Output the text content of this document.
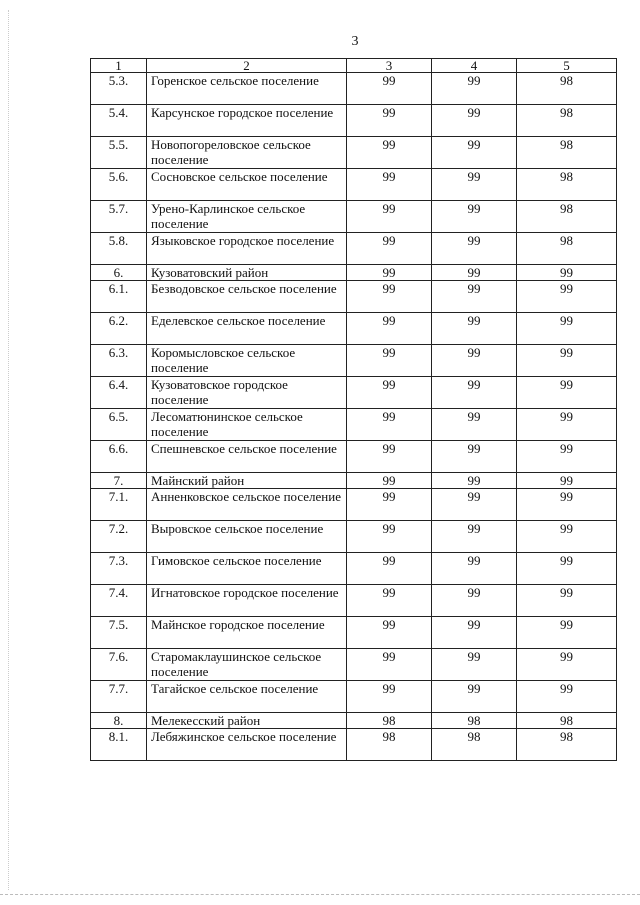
3
1	2	3	4	5
5.3.	Горенское сельское поселение	99	99	98
5.4.	Карсунское городское поселение	99	99	98
5.5.	Новопогореловское сельское поселение	99	99	98
5.6.	Сосновское сельское поселение	99	99	98
5.7.	Урено-Карлинское сельское поселение	99	99	98
5.8.	Языковское городское поселение	99	99	98
6.	Кузоватовский район	99	99	99
6.1.	Безводовское сельское поселение	99	99	99
6.2.	Еделевское сельское поселение	99	99	99
6.3.	Коромысловское сельское поселение	99	99	99
6.4.	Кузоватовское городское поселение	99	99	99
6.5.	Лесоматюнинское сельское поселение	99	99	99
6.6.	Спешневское сельское поселение	99	99	99
7.	Майнский район	99	99	99
7.1.	Анненковское сельское поселение	99	99	99
7.2.	Выровское сельское поселение	99	99	99
7.3.	Гимовское сельское поселение	99	99	99
7.4.	Игнатовское городское поселение	99	99	99
7.5.	Майнское городское поселение	99	99	99
7.6.	Старомаклаушинское сельское поселение	99	99	99
7.7.	Тагайское сельское поселение	99	99	99
8.	Мелекесский район	98	98	98
8.1.	Лебяжинское сельское поселение	98	98	98
